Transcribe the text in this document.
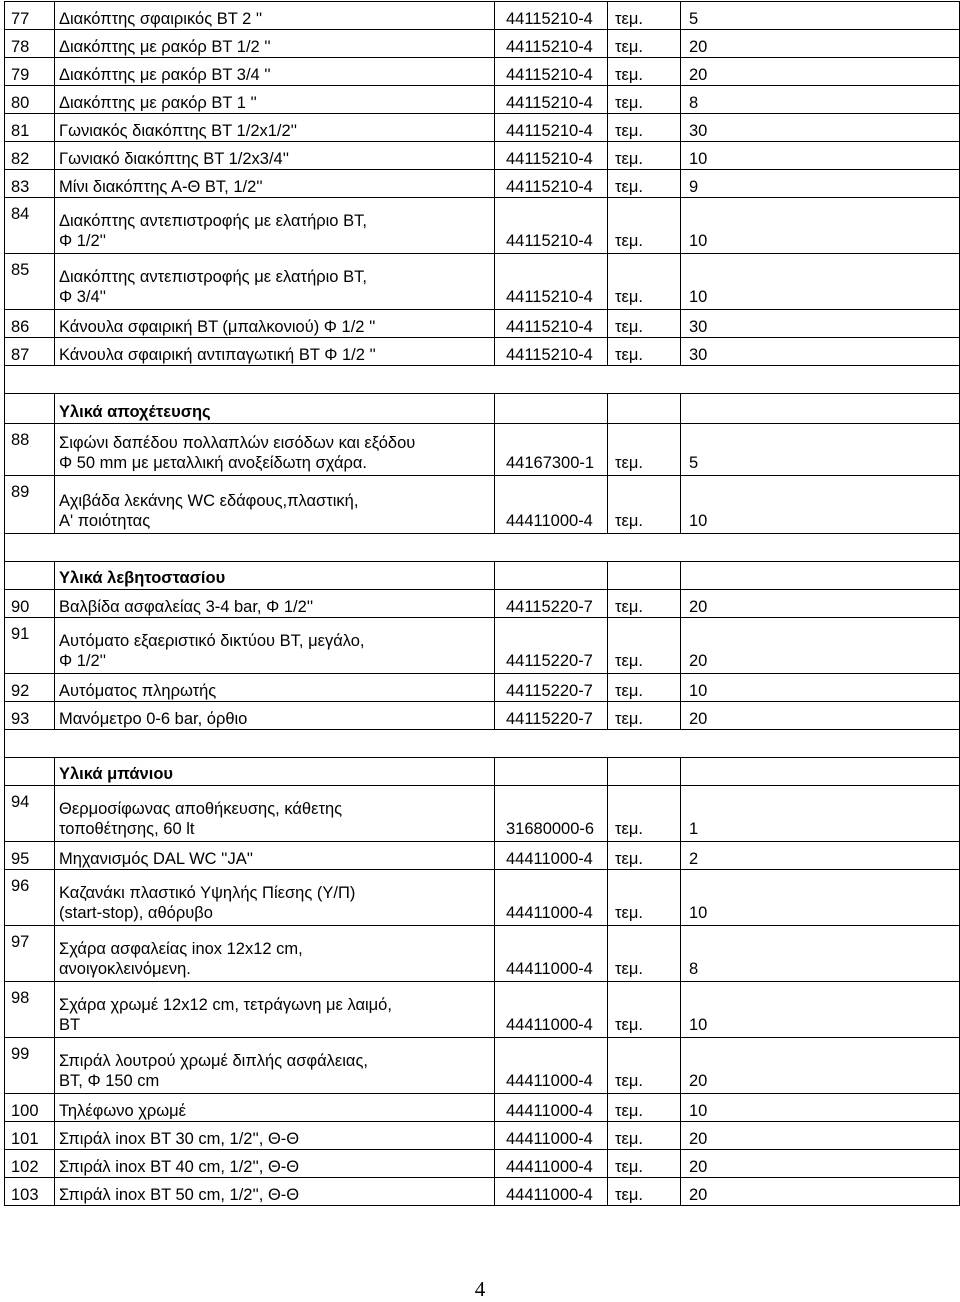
77	Διακόπτης σφαιρικός ΒΤ 2 ''	44115210-4	τεμ.	5
78	Διακόπτης με ρακόρ ΒΤ 1/2 ''	44115210-4	τεμ.	20
79	Διακόπτης με ρακόρ ΒΤ 3/4 ''	44115210-4	τεμ.	20
80	Διακόπτης με ρακόρ ΒΤ 1 ''	44115210-4	τεμ.	8
81	Γωνιακός διακόπτης ΒΤ 1/2x1/2''	44115210-4	τεμ.	30
82	Γωνιακό διακόπτης ΒΤ 1/2x3/4''	44115210-4	τεμ.	10
83	Μίνι διακόπτης Α-Θ ΒΤ, 1/2''	44115210-4	τεμ.	9
84	Διακόπτης αντεπιστροφής με ελατήριο ΒΤ,
Φ 1/2''	44115210-4	τεμ.	10
85	Διακόπτης αντεπιστροφής με ελατήριο ΒΤ,
Φ 3/4''	44115210-4	τεμ.	10
86	Κάνουλα σφαιρική ΒΤ (μπαλκονιού) Φ 1/2 ''	44115210-4	τεμ.	30
87	Κάνουλα σφαιρική αντιπαγωτική ΒΤ Φ 1/2 ''	44115210-4	τεμ.	30

	Υλικά αποχέτευσης			
88	Σιφώνι δαπέδου πολλαπλών εισόδων και εξόδου
Φ 50 mm με μεταλλική ανοξείδωτη σχάρα.	44167300-1	τεμ.	5
89	Αχιβάδα λεκάνης WC εδάφους,πλαστική,
Α' ποιότητας	44411000-4	τεμ.	10

	Υλικά λεβητοστασίου			
90	Βαλβίδα ασφαλείας 3-4 bar, Φ 1/2''	44115220-7	τεμ.	20
91	Αυτόματο εξαεριστικό δικτύου ΒΤ, μεγάλο,
Φ 1/2''	44115220-7	τεμ.	20
92	Αυτόματος πληρωτής	44115220-7	τεμ.	10
93	Μανόμετρο 0-6 bar, όρθιο	44115220-7	τεμ.	20

	Υλικά μπάνιου			
94	Θερμοσίφωνας αποθήκευσης, κάθετης
τοποθέτησης, 60 lt	31680000-6	τεμ.	1
95	Μηχανισμός DAL WC ''JA''	44411000-4	τεμ.	2
96	Καζανάκι πλαστικό Υψηλής Πίεσης (Υ/Π)
(start-stop), αθόρυβο	44411000-4	τεμ.	10
97	Σχάρα ασφαλείας inox 12x12 cm,
ανοιγοκλεινόμενη.	44411000-4	τεμ.	8
98	Σχάρα χρωμέ 12x12 cm, τετράγωνη με λαιμό,
ΒΤ	44411000-4	τεμ.	10
99	Σπιράλ λουτρού χρωμέ διπλής ασφάλειας,
ΒΤ, Φ 150 cm	44411000-4	τεμ.	20
100	Τηλέφωνο χρωμέ	44411000-4	τεμ.	10
101	Σπιράλ inox ΒΤ 30 cm, 1/2'', Θ-Θ	44411000-4	τεμ.	20
102	Σπιράλ inox ΒΤ 40 cm, 1/2'', Θ-Θ	44411000-4	τεμ.	20
103	Σπιράλ inox ΒΤ 50 cm, 1/2'', Θ-Θ	44411000-4	τεμ.	20
4
